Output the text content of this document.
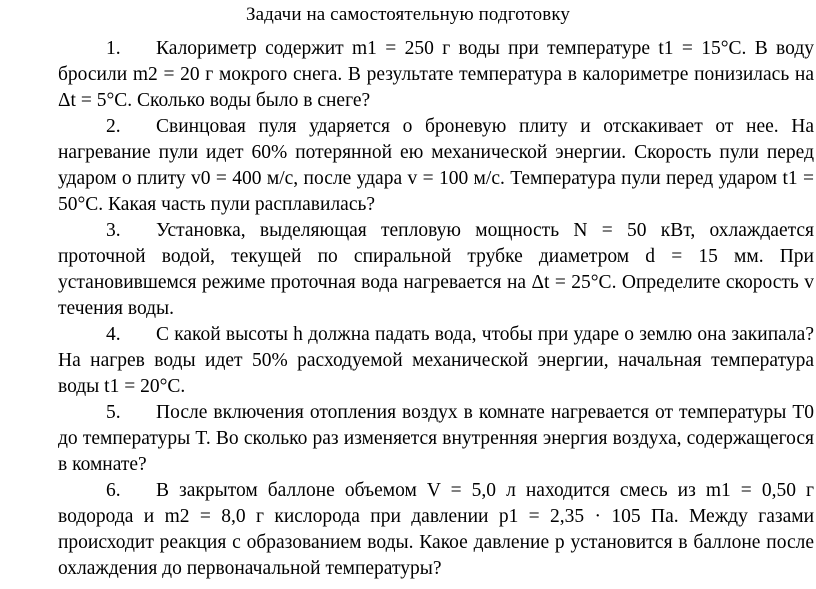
Задачи на самостоятельную подготовку
1. Калориметр содержит m1 = 250 г воды при температуре t1 = 15°С. В воду бросили m2 = 20 г мокрого снега. В результате температура в калориметре понизилась на Δt = 5°С. Сколько воды было в снеге?
2. Свинцовая пуля ударяется о броневую плиту и отскакивает от нее. На нагревание пули идет 60% потерянной ею механической энергии. Скорость пули перед ударом о плиту v0 = 400 м/с, после удара v = 100 м/с. Температура пули перед ударом t1 = 50°С. Какая часть пули расплавилась?
3. Установка, выделяющая тепловую мощность N = 50 кВт, охлаждается проточной водой, текущей по спиральной трубке диаметром d = 15 мм. При установившемся режиме проточная вода нагревается на Δt = 25°С. Определите скорость v течения воды.
4. С какой высоты h должна падать вода, чтобы при ударе о землю она закипала? На нагрев воды идет 50% расходуемой механической энергии, начальная температура воды t1 = 20°С.
5. После включения отопления воздух в комнате нагревается от температуры T0 до температуры T. Во сколько раз изменяется внутренняя энергия воздуха, содержащегося в комнате?
6. В закрытом баллоне объемом V = 5,0 л находится смесь из m1 = 0,50 г водорода и m2 = 8,0 г кислорода при давлении p1 = 2,35 · 105 Па. Между газами происходит реакция с образованием воды. Какое давление p установится в баллоне после охлаждения до первоначальной температуры?
